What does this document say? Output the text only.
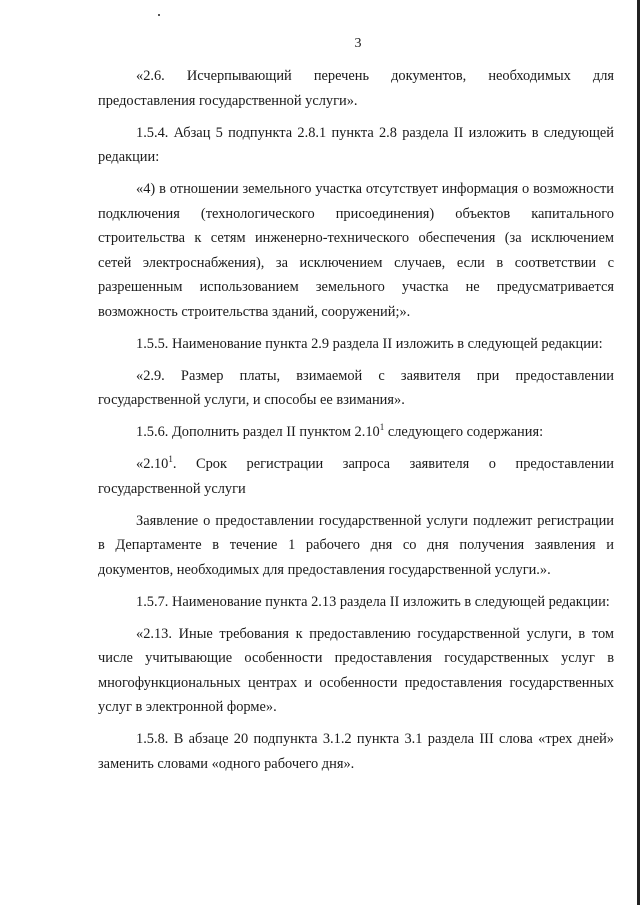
3

«2.6. Исчерпывающий перечень документов, необходимых для предоставления государственной услуги».

1.5.4. Абзац 5 подпункта 2.8.1 пункта 2.8 раздела II изложить в следующей редакции:

«4) в отношении земельного участка отсутствует информация о возможности подключения (технологического присоединения) объектов капитального строительства к сетям инженерно-технического обеспечения (за исключением сетей электроснабжения), за исключением случаев, если в соответствии с разрешенным использованием земельного участка не предусматривается возможность строительства зданий, сооружений;».

1.5.5. Наименование пункта 2.9 раздела II изложить в следующей редакции:

«2.9. Размер платы, взимаемой с заявителя при предоставлении государственной услуги, и способы ее взимания».

1.5.6. Дополнить раздел II пунктом 2.10$^1$ следующего содержания:

«2.10$^1$. Срок регистрации запроса заявителя о предоставлении государственной услуги

Заявление о предоставлении государственной услуги подлежит регистрации в Департаменте в течение 1 рабочего дня со дня получения заявления и документов, необходимых для предоставления государственной услуги.».

1.5.7. Наименование пункта 2.13 раздела II изложить в следующей редакции:

«2.13. Иные требования к предоставлению государственной услуги, в том числе учитывающие особенности предоставления государственных услуг в многофункциональных центрах и особенности предоставления государственных услуг в электронной форме».

1.5.8. В абзаце 20 подпункта 3.1.2 пункта 3.1 раздела III слова «трех дней» заменить словами «одного рабочего дня».
